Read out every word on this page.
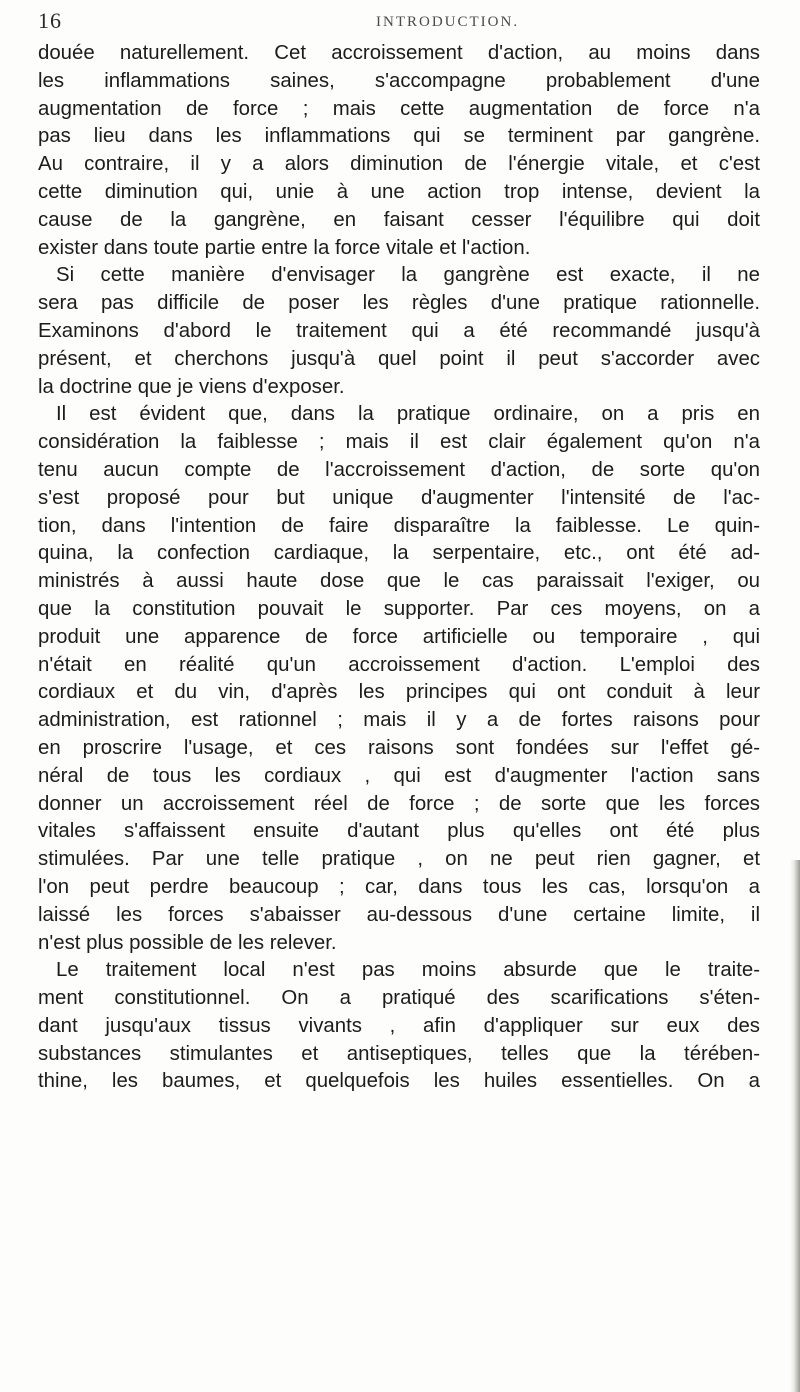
16	INTRODUCTION.
douée naturellement. Cet accroissement d'action, au moins dans
les inflammations saines, s'accompagne probablement d'une
augmentation de force ; mais cette augmentation de force n'a
pas lieu dans les inflammations qui se terminent par gangrène.
Au contraire, il y a alors diminution de l'énergie vitale, et c'est
cette diminution qui, unie à une action trop intense, devient la
cause de la gangrène, en faisant cesser l'équilibre qui doit
exister dans toute partie entre la force vitale et l'action.
Si cette manière d'envisager la gangrène est exacte, il ne
sera pas difficile de poser les règles d'une pratique rationnelle.
Examinons d'abord le traitement qui a été recommandé jusqu'à
présent, et cherchons jusqu'à quel point il peut s'accorder avec
la doctrine que je viens d'exposer.
Il est évident que, dans la pratique ordinaire, on a pris en
considération la faiblesse ; mais il est clair également qu'on n'a
tenu aucun compte de l'accroissement d'action, de sorte qu'on
s'est proposé pour but unique d'augmenter l'intensité de l'ac-
tion, dans l'intention de faire disparaître la faiblesse. Le quin-
quina, la confection cardiaque, la serpentaire, etc., ont été ad-
ministrés à aussi haute dose que le cas paraissait l'exiger, ou
que la constitution pouvait le supporter. Par ces moyens, on a
produit une apparence de force artificielle ou temporaire , qui
n'était en réalité qu'un accroissement d'action. L'emploi des
cordiaux et du vin, d'après les principes qui ont conduit à leur
administration, est rationnel ; mais il y a de fortes raisons pour
en proscrire l'usage, et ces raisons sont fondées sur l'effet gé-
néral de tous les cordiaux , qui est d'augmenter l'action sans
donner un accroissement réel de force ; de sorte que les forces
vitales s'affaissent ensuite d'autant plus qu'elles ont été plus
stimulées. Par une telle pratique , on ne peut rien gagner, et
l'on peut perdre beaucoup ; car, dans tous les cas, lorsqu'on a
laissé les forces s'abaisser au-dessous d'une certaine limite, il
n'est plus possible de les relever.
Le traitement local n'est pas moins absurde que le traite-
ment constitutionnel. On a pratiqué des scarifications s'éten-
dant jusqu'aux tissus vivants , afin d'appliquer sur eux des
substances stimulantes et antiseptiques, telles que la térében-
thine, les baumes, et quelquefois les huiles essentielles. On a
